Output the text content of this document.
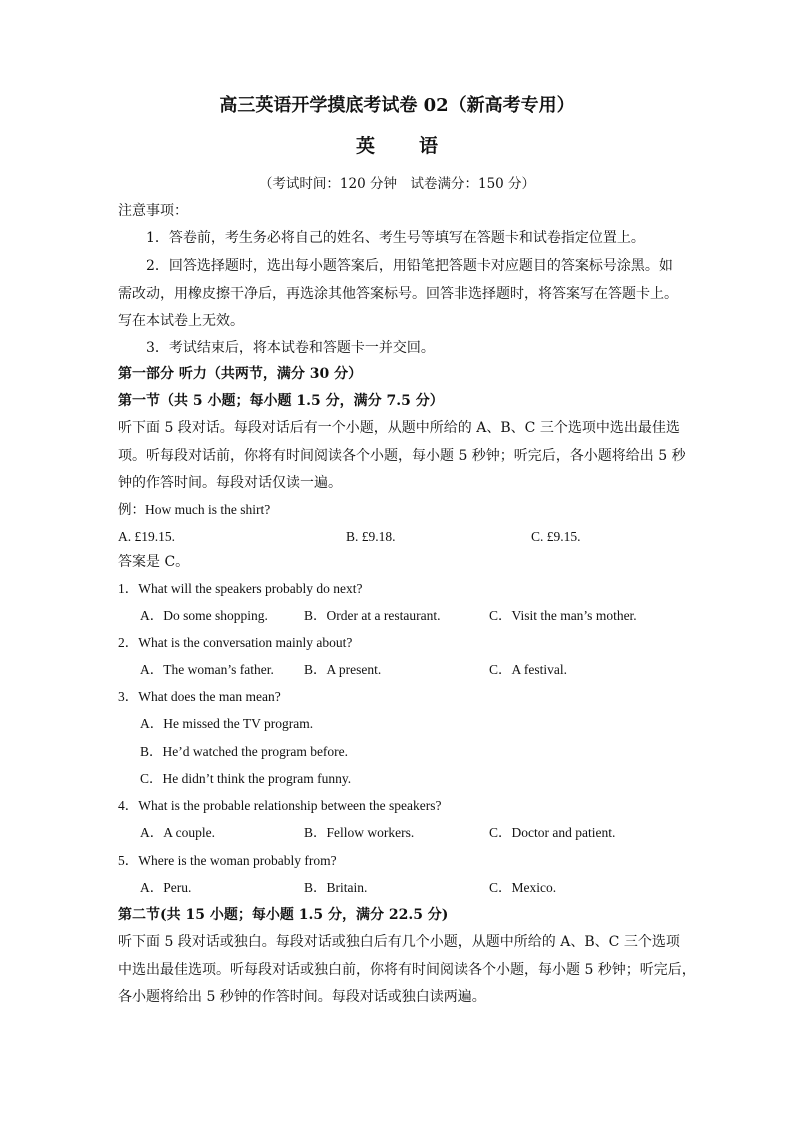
高三英语开学摸底考试卷 02（新高考专用）
英 语
（考试时间：120 分钟　试卷满分：150 分）
注意事项：
1．答卷前，考生务必将自己的姓名、考生号等填写在答题卡和试卷指定位置上。
2．回答选择题时，选出每小题答案后，用铅笔把答题卡对应题目的答案标号涂黑。如
需改动，用橡皮擦干净后，再选涂其他答案标号。回答非选择题时，将答案写在答题卡上。
写在本试卷上无效。
3．考试结束后，将本试卷和答题卡一并交回。
第一部分 听力（共两节，满分 30 分）
第一节（共 5 小题；每小题 1.5 分，满分 7.5 分）
听下面 5 段对话。每段对话后有一个小题，从题中所给的 A、B、C 三个选项中选出最佳选
项。听每段对话前，你将有时间阅读各个小题，每小题 5 秒钟；听完后，各小题将给出 5 秒
钟的作答时间。每段对话仅读一遍。
例：How much is the shirt?
A. £19.15.	B. £9.18.	C. £9.15.
答案是 C。
1．What will the speakers probably do next?
A．Do some shopping.	B．Order at a restaurant.	C．Visit the man’s mother.
2．What is the conversation mainly about?
A．The woman’s father. B．A present.	C．A festival.
3．What does the man mean?
A．He missed the TV program.
B．He’d watched the program before.
C．He didn’t think the program funny.
4．What is the probable relationship between the speakers?
A．A couple.	B．Fellow workers.	C．Doctor and patient.
5．Where is the woman probably from?
A．Peru.	B．Britain.	C．Mexico.
第二节(共 15 小题；每小题 1.5 分，满分 22.5 分)
听下面 5 段对话或独白。每段对话或独白后有几个小题，从题中所给的 A、B、C 三个选项
中选出最佳选项。听每段对话或独白前，你将有时间阅读各个小题，每小题 5 秒钟；听完后，
各小题将给出 5 秒钟的作答时间。每段对话或独白读两遍。
